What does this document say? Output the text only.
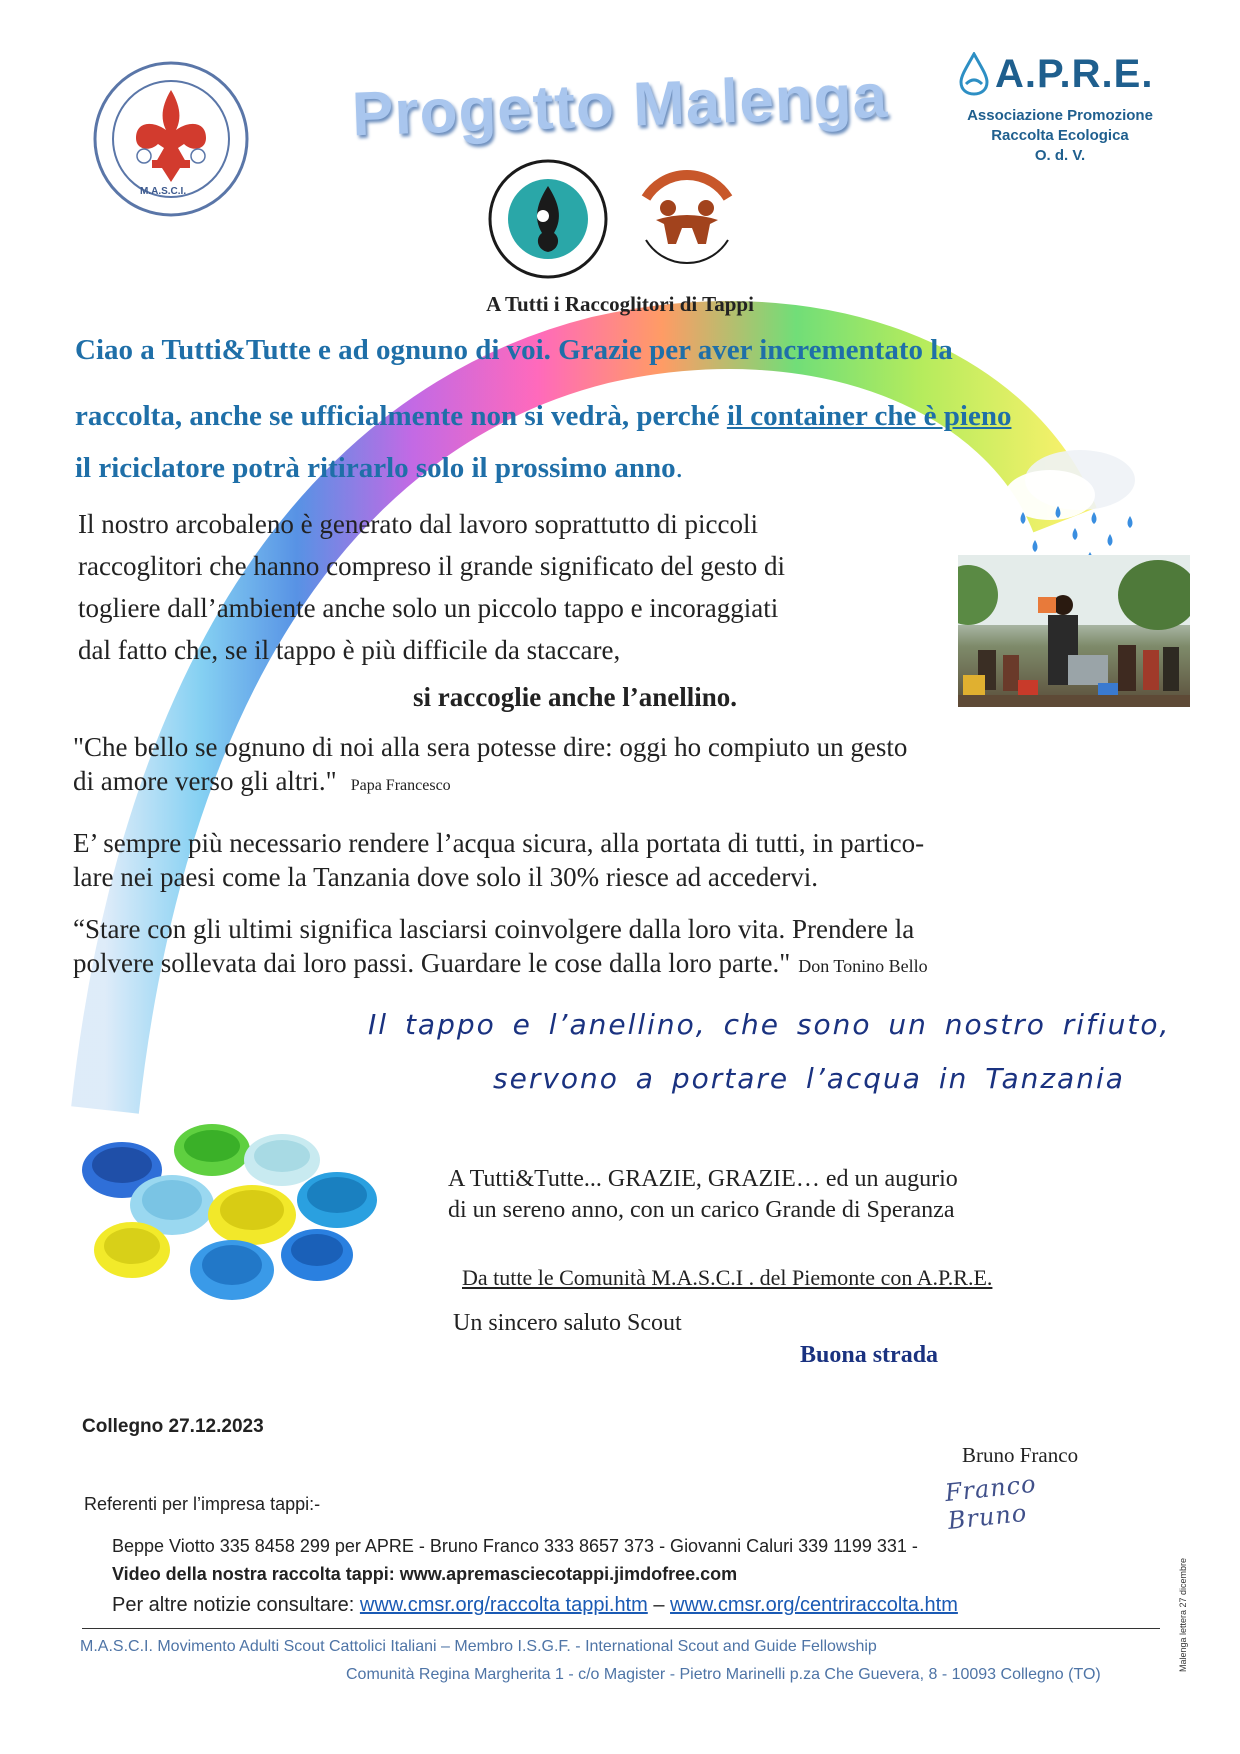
M.A.S.C.I.
Progetto Malenga	A.P.R.E.
Associazione Promozione
Raccolta Ecologica
O. d. V.
A Tutti i Raccoglitori di Tappi
Ciao a Tutti&Tutte e ad ognuno di voi. Grazie per aver incrementato la
raccolta, anche se ufficialmente non si vedrà, perché il container che è pieno
il riciclatore potrà ritirarlo solo il prossimo anno.
Il nostro arcobaleno è generato dal lavoro soprattutto di piccoli
raccoglitori che hanno compreso il grande significato del gesto di
togliere dall’ambiente anche solo un piccolo tappo e incoraggiati
dal fatto che, se il tappo è più difficile da staccare,
si raccoglie anche l’anellino.
"Che bello se ognuno di noi alla sera potesse dire: oggi ho compiuto un gesto
di amore verso gli altri." Papa Francesco
E’ sempre più necessario rendere l’acqua sicura, alla portata di tutti, in partico-
lare nei paesi come la Tanzania dove solo il 30% riesce ad accedervi.
“Stare con gli ultimi significa lasciarsi coinvolgere dalla loro vita. Prendere la
polvere sollevata dai loro passi. Guardare le cose dalla loro parte." Don Tonino Bello
Il tappo e l’anellino, che sono un nostro rifiuto,
servono a portare l’acqua in Tanzania
A Tutti&Tutte... GRAZIE, GRAZIE… ed un augurio
di un sereno anno, con un carico Grande di Speranza
Da tutte le Comunità M.A.S.C.I . del Piemonte con A.P.R.E.
Un sincero saluto Scout
Buona strada
Collegno 27.12.2023
Bruno Franco
Franco Bruno
Referenti per l’impresa tappi:-
Beppe Viotto 335 8458 299 per APRE - Bruno Franco 333 8657 373 - Giovanni Caluri 339 1199 331 -
Video della nostra raccolta tappi: www.apremasciecotappi.jimdofree.com
Per altre notizie consultare: www.cmsr.org/raccolta tappi.htm – www.cmsr.org/centriraccolta.htm
M.A.S.C.I. Movimento Adulti Scout Cattolici Italiani – Membro I.S.G.F. - International Scout and Guide Fellowship
Comunità Regina Margherita 1 - c/o Magister - Pietro Marinelli p.za Che Guevera, 8 - 10093 Collegno (TO)
Malenga lettera 27 dicembre
